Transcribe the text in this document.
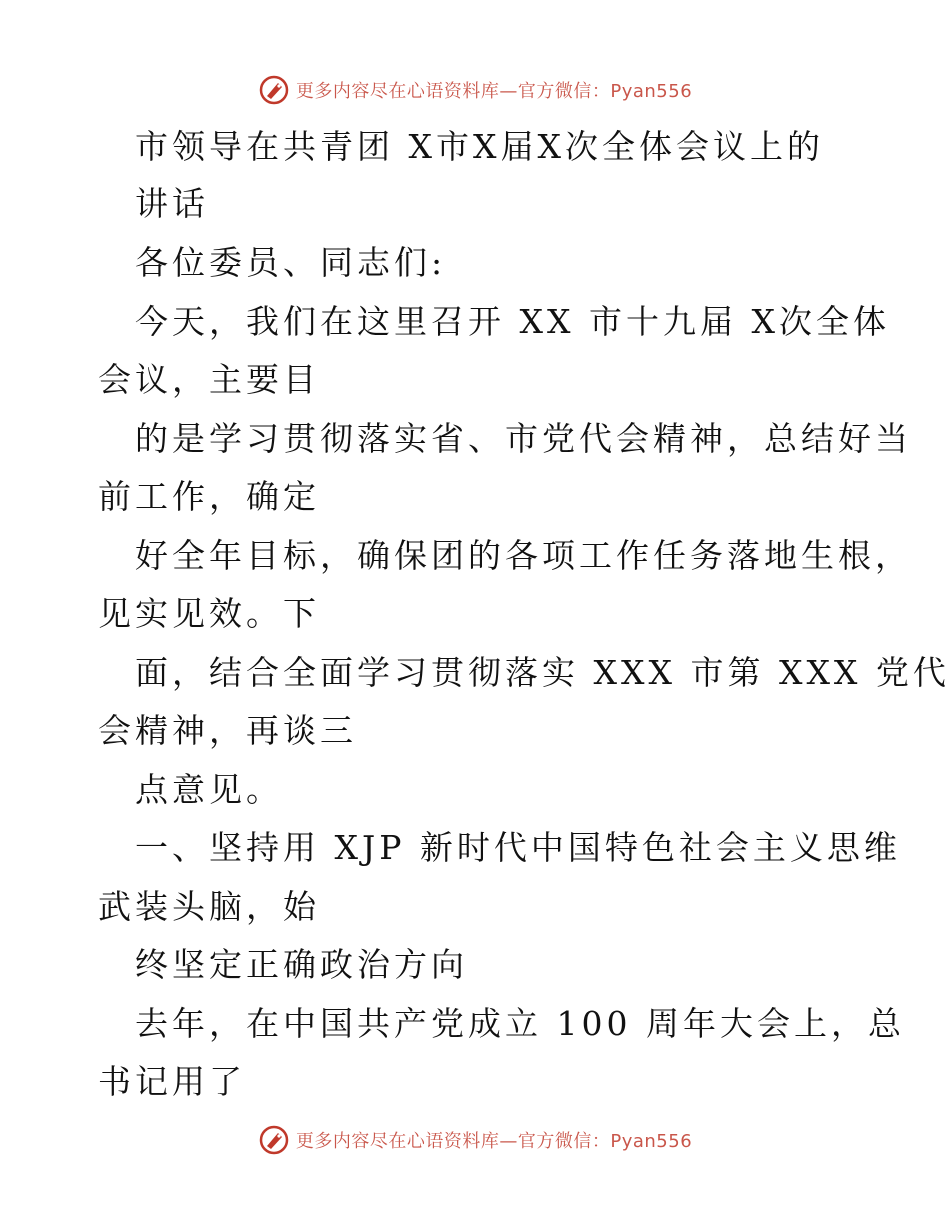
更多内容尽在心语资料库—官方微信：Pyan556
市领导在共青团 X市X届X次全体会议上的
讲话
各位委员、同志们:
今天，我们在这里召开 XX 市十九届 X次全体
会议，主要目
的是学习贯彻落实省、市党代会精神，总结好当
前工作，确定
好全年目标，确保团的各项工作任务落地生根，
见实见效。下
面，结合全面学习贯彻落实 XXX 市第 XXX 党代
会精神，再谈三
点意见。
一、坚持用 XJP 新时代中国特色社会主义思维
武装头脑，始
终坚定正确政治方向
去年，在中国共产党成立 100 周年大会上，总
书记用了
更多内容尽在心语资料库—官方微信：Pyan556
